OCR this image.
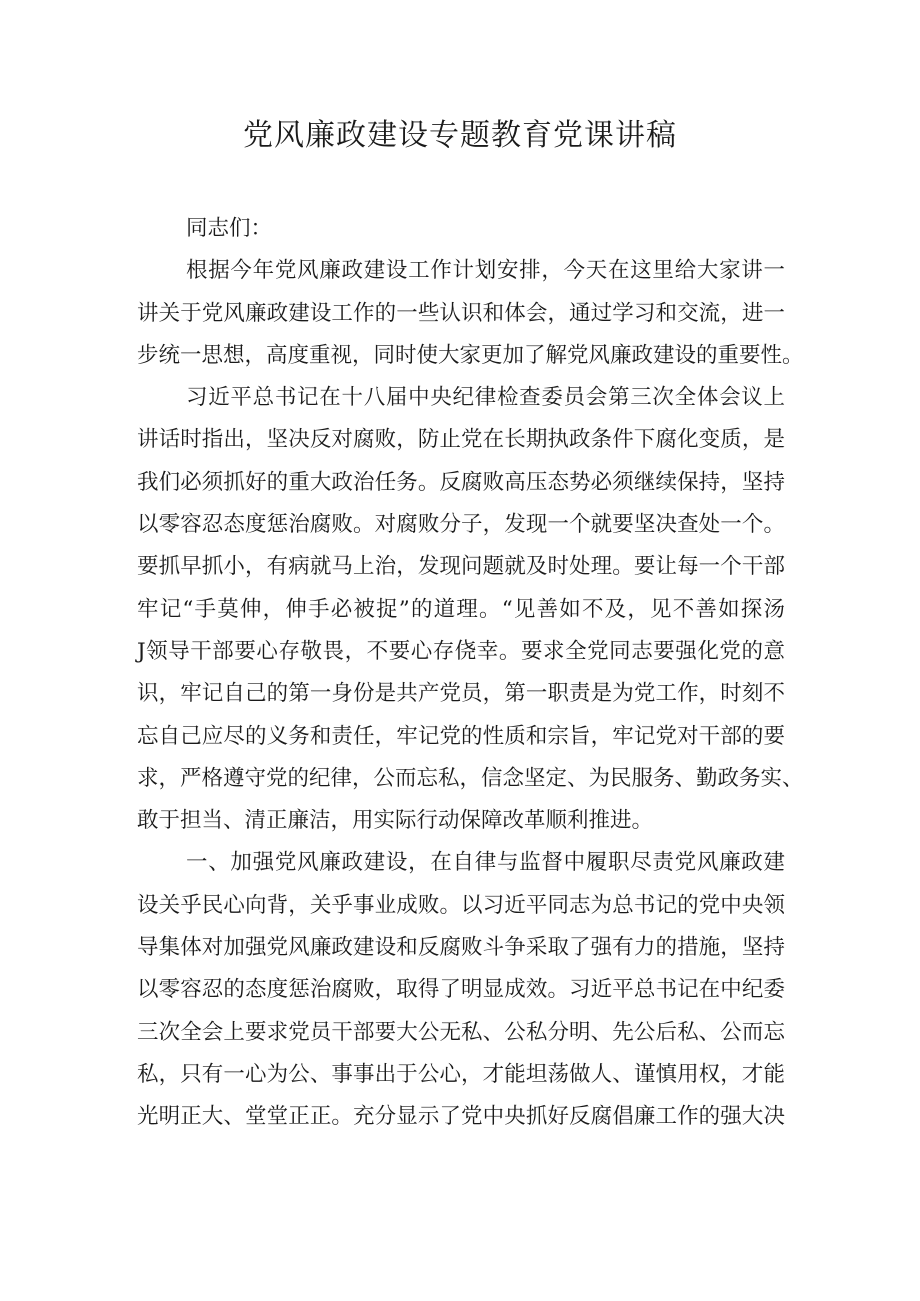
党风廉政建设专题教育党课讲稿
同志们：
根据今年党风廉政建设工作计划安排，今天在这里给大家讲一
讲关于党风廉政建设工作的一些认识和体会，通过学习和交流，进一
步统一思想，高度重视，同时使大家更加了解党风廉政建设的重要性。
习近平总书记在十八届中央纪律检查委员会第三次全体会议上
讲话时指出，坚决反对腐败，防止党在长期执政条件下腐化变质，是
我们必须抓好的重大政治任务。反腐败高压态势必须继续保持，坚持
以零容忍态度惩治腐败。对腐败分子，发现一个就要坚决查处一个。
要抓早抓小，有病就马上治，发现问题就及时处理。要让每一个干部
牢记“手莫伸，伸手必被捉”的道理。“见善如不及，见不善如探汤
J领导干部要心存敬畏，不要心存侥幸。要求全党同志要强化党的意
识，牢记自己的第一身份是共产党员，第一职责是为党工作，时刻不
忘自己应尽的义务和责任，牢记党的性质和宗旨，牢记党对干部的要
求，严格遵守党的纪律，公而忘私，信念坚定、为民服务、勤政务实、
敢于担当、清正廉洁，用实际行动保障改革顺利推进。
一、加强党风廉政建设，在自律与监督中履职尽责党风廉政建
设关乎民心向背，关乎事业成败。以习近平同志为总书记的党中央领
导集体对加强党风廉政建设和反腐败斗争采取了强有力的措施，坚持
以零容忍的态度惩治腐败，取得了明显成效。习近平总书记在中纪委
三次全会上要求党员干部要大公无私、公私分明、先公后私、公而忘
私，只有一心为公、事事出于公心，才能坦荡做人、谨慎用权，才能
光明正大、堂堂正正。充分显示了党中央抓好反腐倡廉工作的强大决
